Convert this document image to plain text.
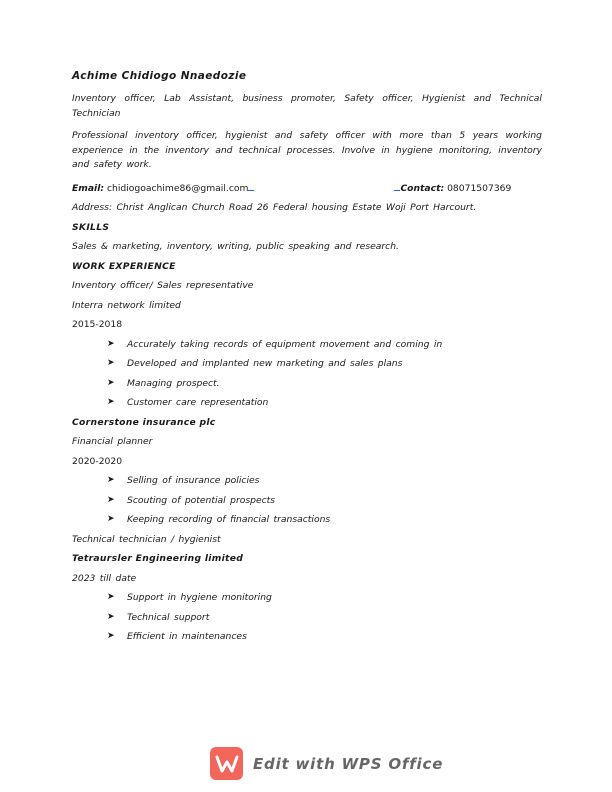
Achime Chidiogo Nnaedozie
Inventory officer, Lab Assistant, business promoter, Safety officer, Hygienist and Technical Technician
Professional inventory officer, hygienist and safety officer with more than 5 years working experience in the inventory and technical processes. Involve in hygiene monitoring, inventory and safety work.
Email: chidiogoachime86@gmail.com	Contact: 08071507369
Address: Christ Anglican Church Road 26 Federal housing Estate Woji Port Harcourt.
SKILLS
Sales & marketing, inventory, writing, public speaking and research.
WORK EXPERIENCE
Inventory officer/ Sales representative
Interra network limited
2015-2018
➤ Accurately taking records of equipment movement and coming in
➤ Developed and implanted new marketing and sales plans
➤ Managing prospect.
➤ Customer care representation
Cornerstone insurance plc
Financial planner
2020-2020
➤ Selling of insurance policies
➤ Scouting of potential prospects
➤ Keeping recording of financial transactions
Technical technician / hygienist
Tetraursler Engineering limited
2023 till date
➤ Support in hygiene monitoring
➤ Technical support
➤ Efficient in maintenances
Edit with WPS Office
